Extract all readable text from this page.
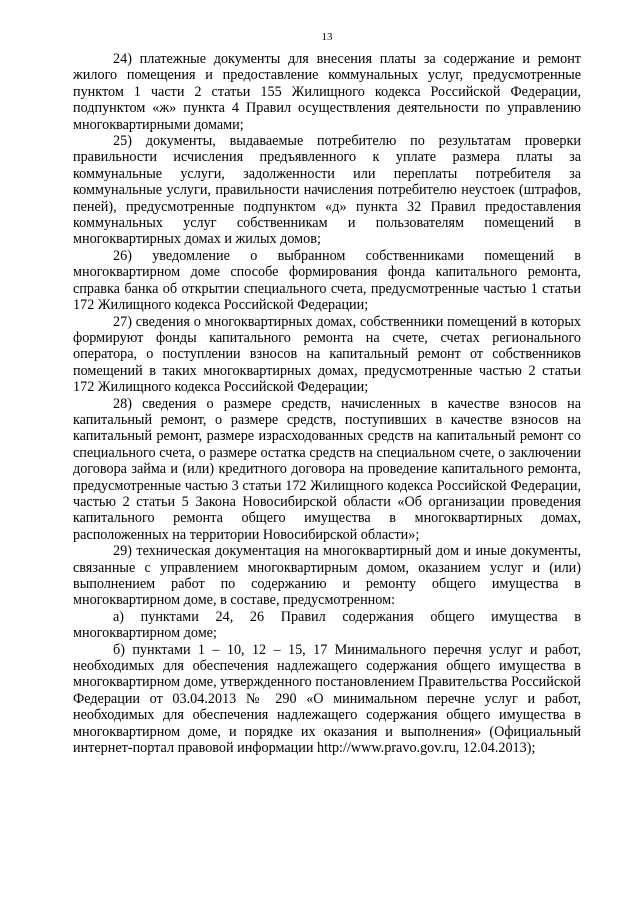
13

24) платежные документы для внесения платы за содержание и ремонт жилого помещения и предоставление коммунальных услуг, предусмотренные пунктом 1 части 2 статьи 155 Жилищного кодекса Российской Федерации, подпунктом «ж» пункта 4 Правил осуществления деятельности по управлению многоквартирными домами;

25) документы, выдаваемые потребителю по результатам проверки правильности исчисления предъявленного к уплате размера платы за коммунальные услуги, задолженности или переплаты потребителя за коммунальные услуги, правильности начисления потребителю неустоек (штрафов, пеней), предусмотренные подпунктом «д» пункта 32 Правил предоставления коммунальных услуг собственникам и пользователям помещений в многоквартирных домах и жилых домов;

26) уведомление о выбранном собственниками помещений в многоквартирном доме способе формирования фонда капитального ремонта, справка банка об открытии специального счета, предусмотренные частью 1 статьи 172 Жилищного кодекса Российской Федерации;

27) сведения о многоквартирных домах, собственники помещений в которых формируют фонды капитального ремонта на счете, счетах регионального оператора, о поступлении взносов на капитальный ремонт от собственников помещений в таких многоквартирных домах, предусмотренные частью 2 статьи 172 Жилищного кодекса Российской Федерации;

28) сведения о размере средств, начисленных в качестве взносов на капитальный ремонт, о размере средств, поступивших в качестве взносов на капитальный ремонт, размере израсходованных средств на капитальный ремонт со специального счета, о размере остатка средств на специальном счете, о заключении договора займа и (или) кредитного договора на проведение капитального ремонта, предусмотренные частью 3 статьи 172 Жилищного кодекса Российской Федерации, частью 2 статьи 5 Закона Новосибирской области «Об организации проведения капитального ремонта общего имущества в многоквартирных домах, расположенных на территории Новосибирской области»;

29) техническая документация на многоквартирный дом и иные документы, связанные с управлением многоквартирным домом, оказанием услуг и (или) выполнением работ по содержанию и ремонту общего имущества в многоквартирном доме, в составе, предусмотренном:

а) пунктами 24, 26 Правил содержания общего имущества в многоквартирном доме;

б) пунктами 1 – 10, 12 – 15, 17 Минимального перечня услуг и работ, необходимых для обеспечения надлежащего содержания общего имущества в многоквартирном доме, утвержденного постановлением Правительства Российской Федерации от 03.04.2013 № 290 «О минимальном перечне услуг и работ, необходимых для обеспечения надлежащего содержания общего имущества в многоквартирном доме, и порядке их оказания и выполнения» (Официальный интернет-портал правовой информации http://www.pravo.gov.ru, 12.04.2013);
